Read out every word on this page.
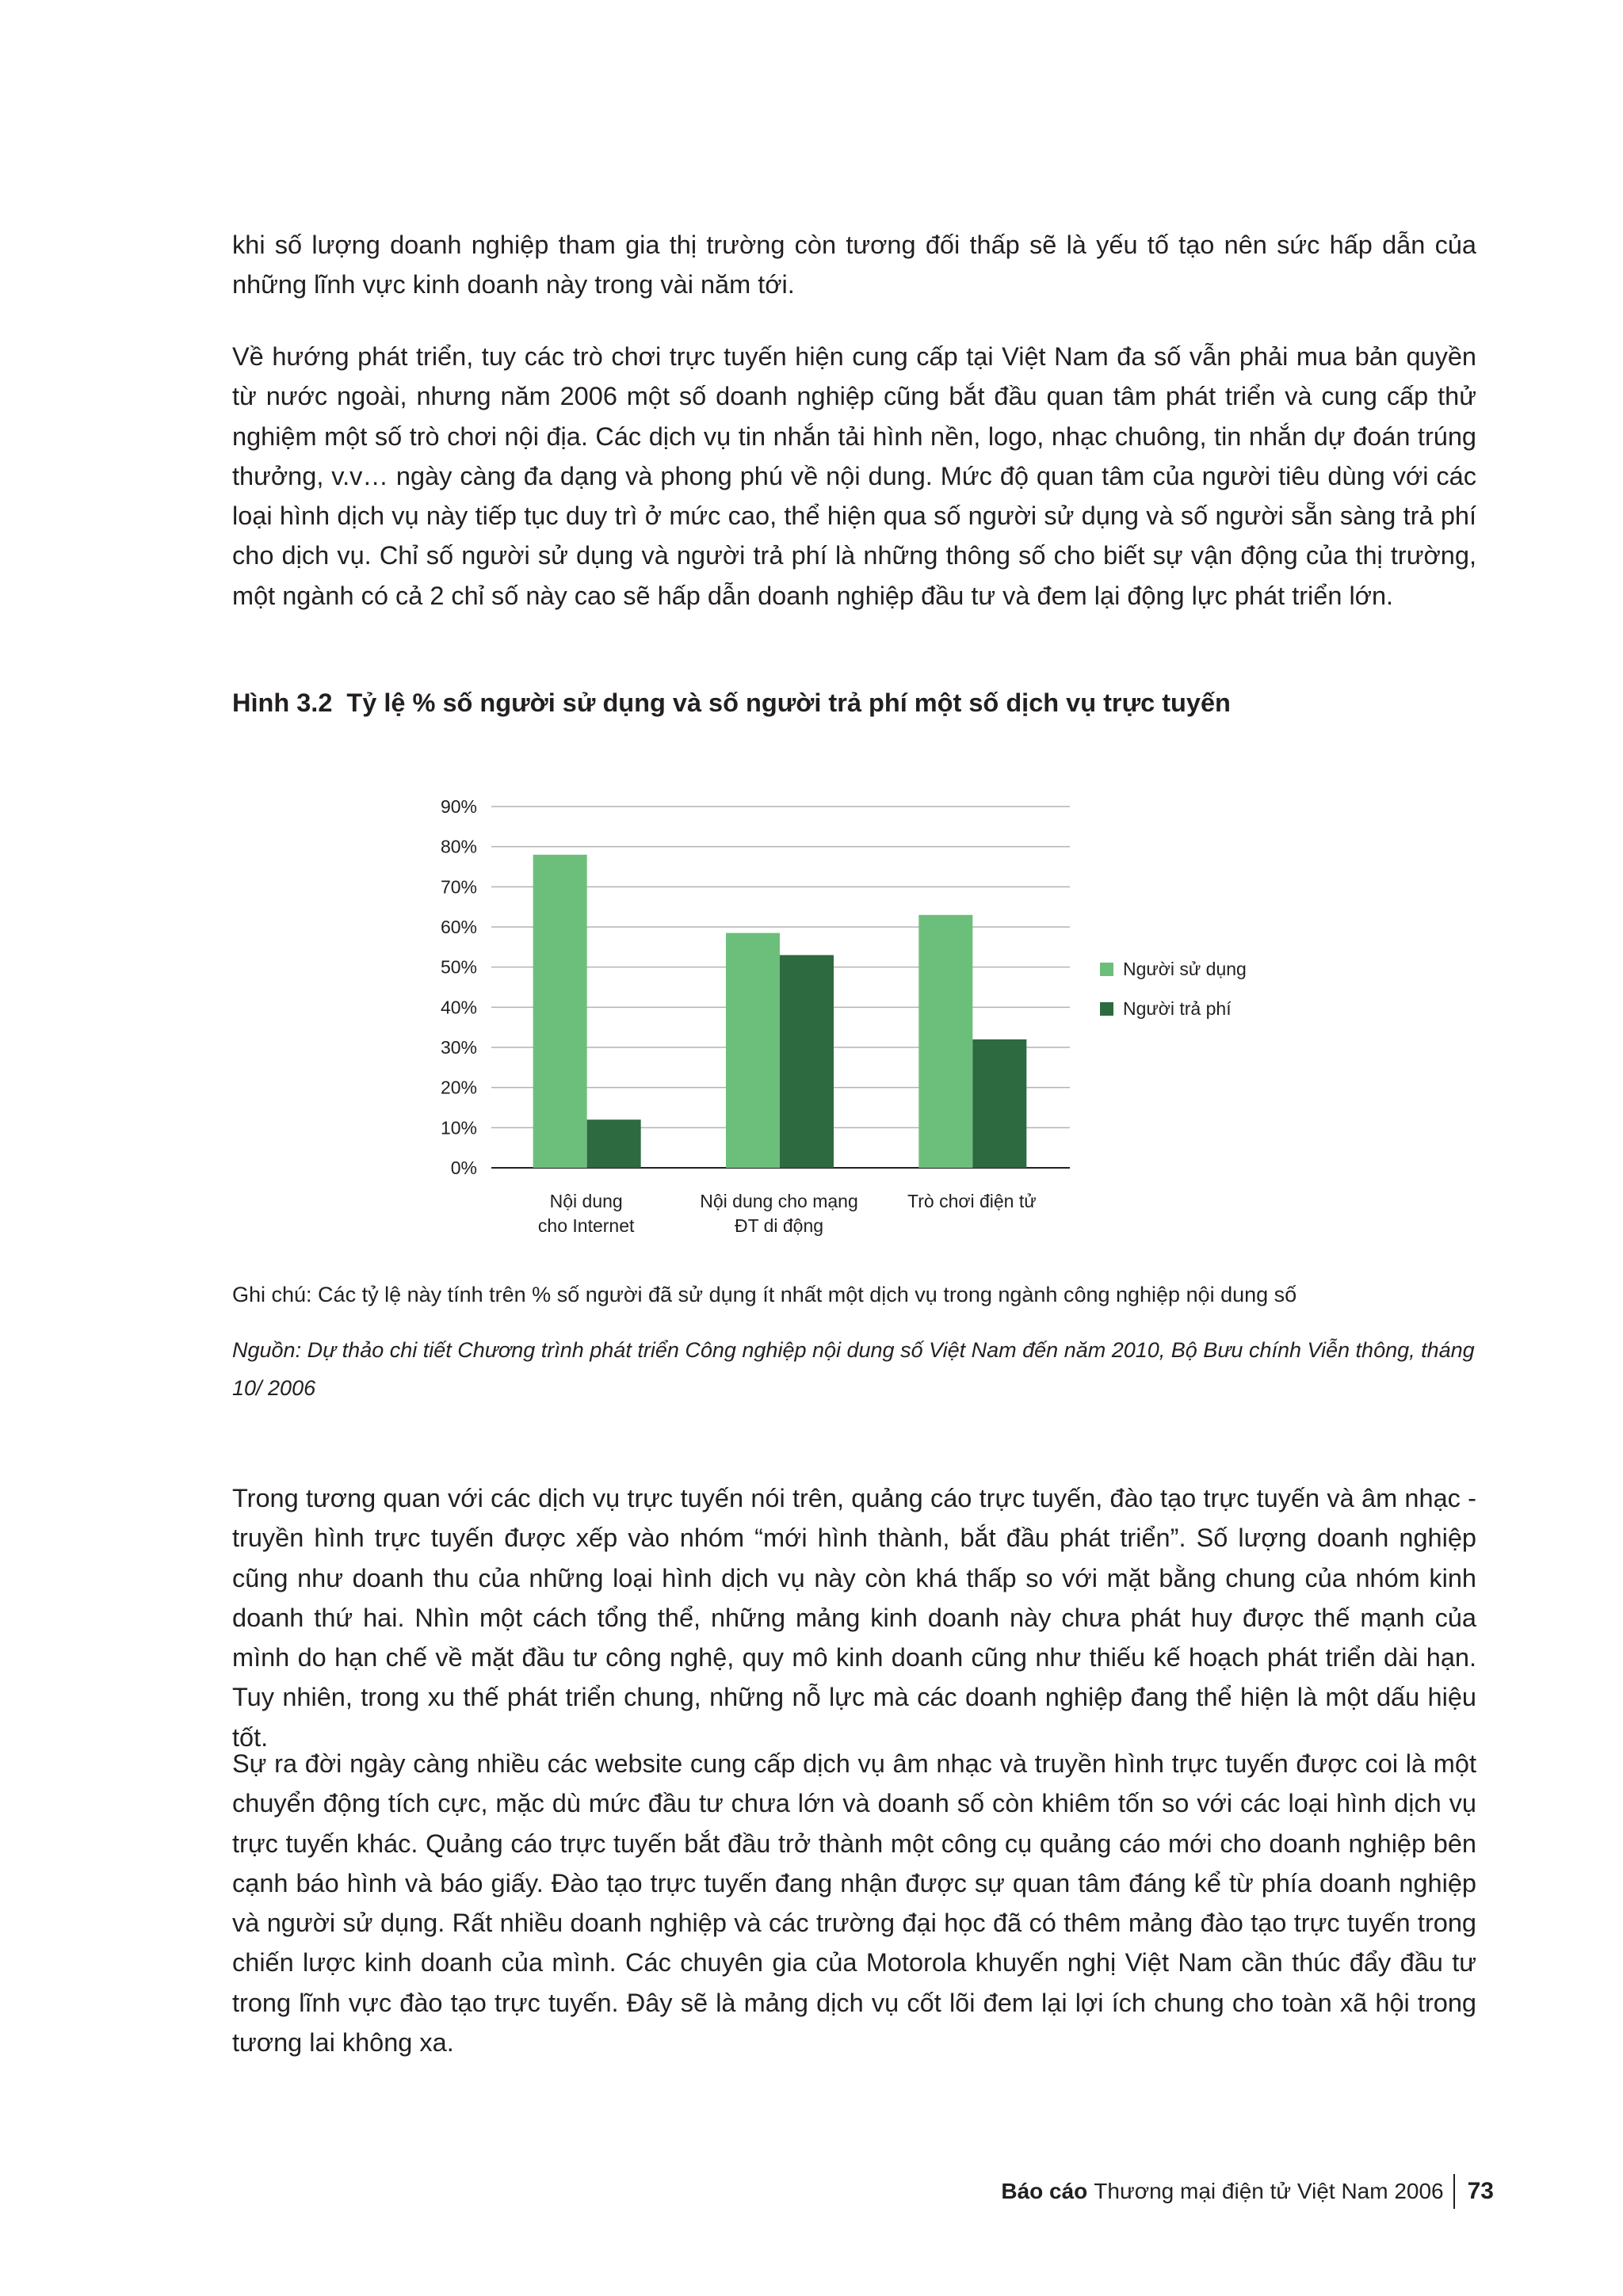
khi số lượng doanh nghiệp tham gia thị trường còn tương đối thấp sẽ là yếu tố tạo nên sức hấp dẫn của những lĩnh vực kinh doanh này trong vài năm tới.

Về hướng phát triển, tuy các trò chơi trực tuyến hiện cung cấp tại Việt Nam đa số vẫn phải mua bản quyền từ nước ngoài, nhưng năm 2006 một số doanh nghiệp cũng bắt đầu quan tâm phát triển và cung cấp thử nghiệm một số trò chơi nội địa. Các dịch vụ tin nhắn tải hình nền, logo, nhạc chuông, tin nhắn dự đoán trúng thưởng, v.v… ngày càng đa dạng và phong phú về nội dung. Mức độ quan tâm của người tiêu dùng với các loại hình dịch vụ này tiếp tục duy trì ở mức cao, thể hiện qua số người sử dụng và số người sẵn sàng trả phí cho dịch vụ. Chỉ số người sử dụng và người trả phí là những thông số cho biết sự vận động của thị trường, một ngành có cả 2 chỉ số này cao sẽ hấp dẫn doanh nghiệp đầu tư và đem lại động lực phát triển lớn.

Hình 3.2 Tỷ lệ % số người sử dụng và số người trả phí một số dịch vụ trực tuyến

0%
10%
20%
30%
40%
50%
60%
70%
80%
90%
Nội dung
cho Internet
Nội dung cho mạng
ĐT di động
Trò chơi điện tử
Người sử dụng
Người trả phí

Ghi chú: Các tỷ lệ này tính trên % số người đã sử dụng ít nhất một dịch vụ trong ngành công nghiệp nội dung số

Nguồn: Dự thảo chi tiết Chương trình phát triển Công nghiệp nội dung số Việt Nam đến năm 2010, Bộ Bưu chính Viễn thông, tháng 10/ 2006

Trong tương quan với các dịch vụ trực tuyến nói trên, quảng cáo trực tuyến, đào tạo trực tuyến và âm nhạc - truyền hình trực tuyến được xếp vào nhóm “mới hình thành, bắt đầu phát triển”. Số lượng doanh nghiệp cũng như doanh thu của những loại hình dịch vụ này còn khá thấp so với mặt bằng chung của nhóm kinh doanh thứ hai. Nhìn một cách tổng thể, những mảng kinh doanh này chưa phát huy được thế mạnh của mình do hạn chế về mặt đầu tư công nghệ, quy mô kinh doanh cũng như thiếu kế hoạch phát triển dài hạn. Tuy nhiên, trong xu thế phát triển chung, những nỗ lực mà các doanh nghiệp đang thể hiện là một dấu hiệu tốt.

Sự ra đời ngày càng nhiều các website cung cấp dịch vụ âm nhạc và truyền hình trực tuyến được coi là một chuyển động tích cực, mặc dù mức đầu tư chưa lớn và doanh số còn khiêm tốn so với các loại hình dịch vụ trực tuyến khác. Quảng cáo trực tuyến bắt đầu trở thành một công cụ quảng cáo mới cho doanh nghiệp bên cạnh báo hình và báo giấy. Đào tạo trực tuyến đang nhận được sự quan tâm đáng kể từ phía doanh nghiệp và người sử dụng. Rất nhiều doanh nghiệp và các trường đại học đã có thêm mảng đào tạo trực tuyến trong chiến lược kinh doanh của mình. Các chuyên gia của Motorola khuyến nghị Việt Nam cần thúc đẩy đầu tư trong lĩnh vực đào tạo trực tuyến. Đây sẽ là mảng dịch vụ cốt lõi đem lại lợi ích chung cho toàn xã hội trong tương lai không xa.

Báo cáo Thương mại điện tử Việt Nam 2006 73
